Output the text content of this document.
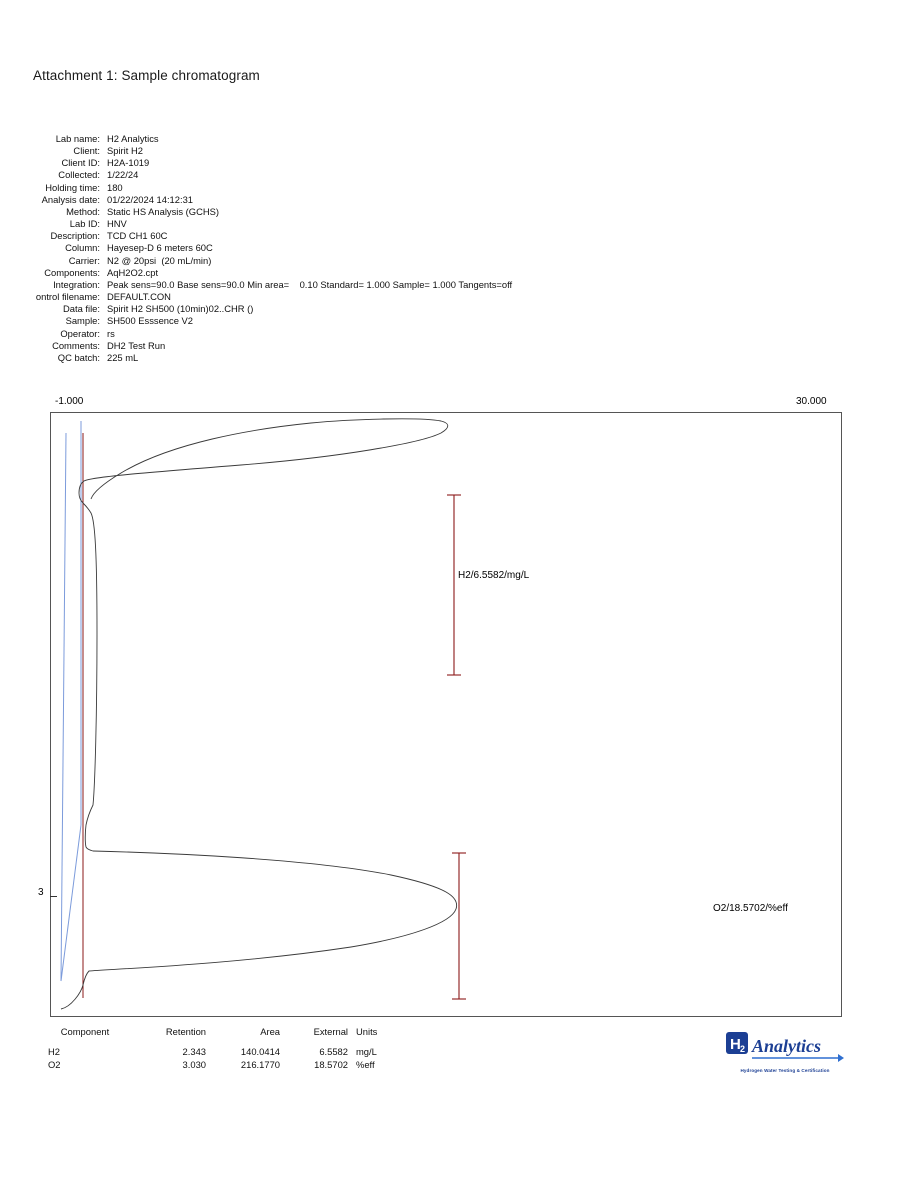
Attachment 1: Sample chromatogram
Lab name: H2 Analytics
Client: Spirit H2
Client ID: H2A-1019
Collected: 1/22/24
Holding time: 180
Analysis date: 01/22/2024 14:12:31
Method: Static HS Analysis (GCHS)
Lab ID: HNV
Description: TCD CH1 60C
Column: Hayesep-D 6 meters 60C
Carrier: N2 @ 20psi  (20 mL/min)
Components: AqH2O2.cpt
Integration: Peak sens=90.0 Base sens=90.0 Min area=    0.10 Standard= 1.000 Sample= 1.000 Tangents=off
ontrol filename: DEFAULT.CON
Data file: Spirit H2 SH500 (10min)02..CHR ()
Sample: SH500 Esssence V2
Operator: rs
Comments: DH2 Test Run
QC batch: 225 mL
-1.000	30.000
3
H2/6.5582/mg/L
O2/18.5702/%eff
Component	Retention	Area	External	Units
H2	2.343	140.0414	6.5582	mg/L
O2	3.030	216.1770	18.5702	%eff
H 2 Analytics
Hydrogen Water Testing & Certification
